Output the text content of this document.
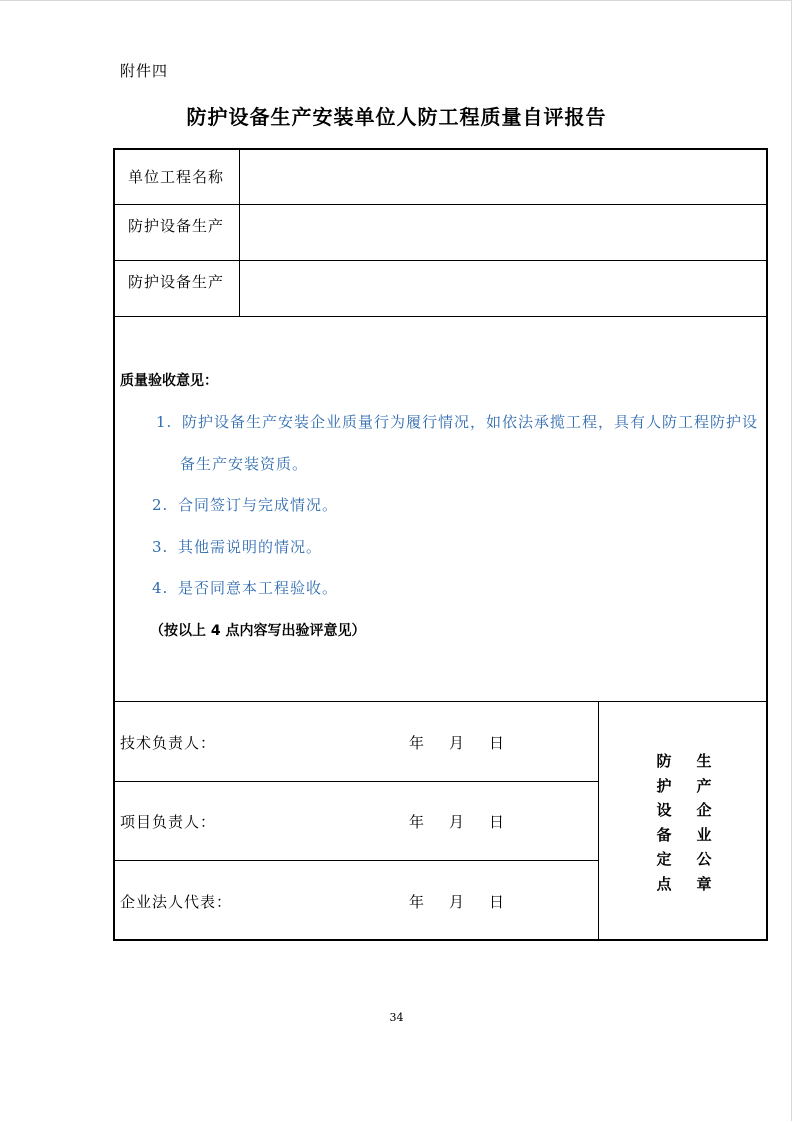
附件四
防护设备生产安装单位人防工程质量自评报告
单位工程名称
防护设备生产
防护设备生产
质量验收意见：
1. 防护设备生产安装企业质量行为履行情况，如依法承揽工程，具有人防工程防护设
备生产安装资质。
2. 合同签订与完成情况。
3. 其他需说明的情况。
4. 是否同意本工程验收。
（按以上 4 点内容写出验评意见）
技术负责人：	年 月 日
项目负责人：	年 月 日
企业法人代表：	年 月 日
防
护
设
备
定
点
生
产
企
业
公
章
34
